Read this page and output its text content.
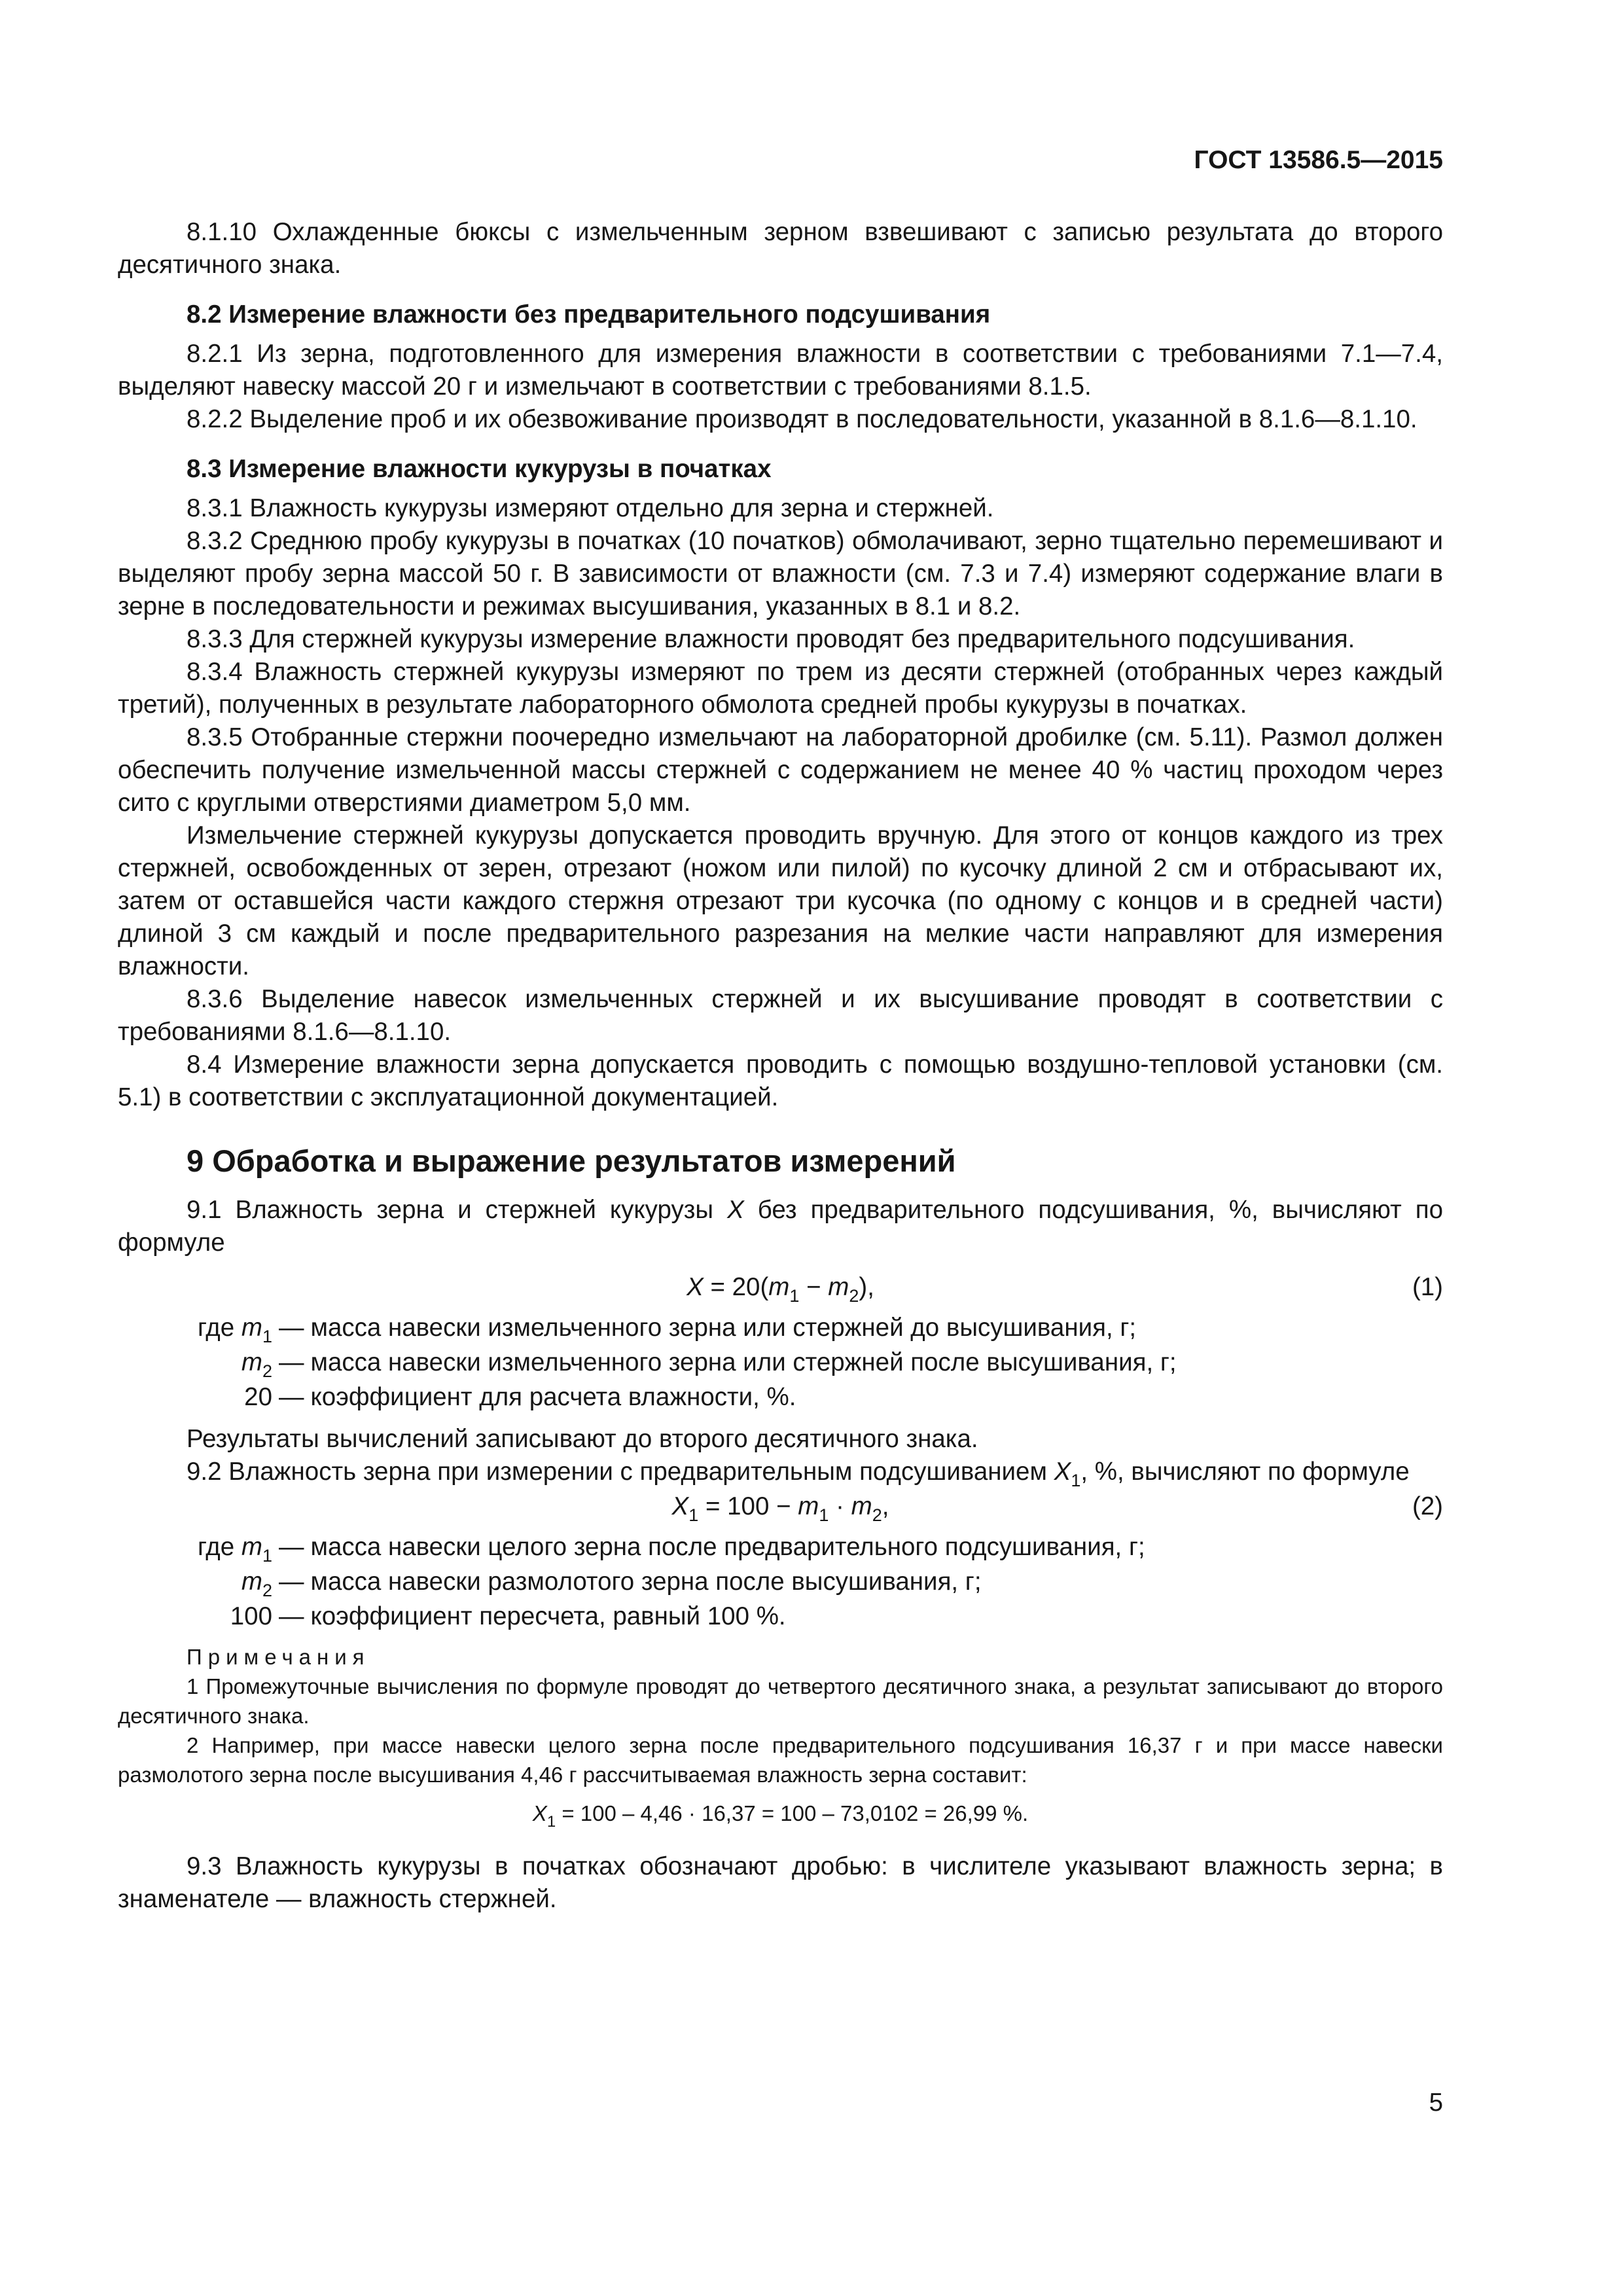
ГОСТ 13586.5—2015

8.1.10 Охлажденные бюксы с измельченным зерном взвешивают с записью результата до второго десятичного знака.

8.2 Измерение влажности без предварительного подсушивания

8.2.1 Из зерна, подготовленного для измерения влажности в соответствии с требованиями 7.1—7.4, выделяют навеску массой 20 г и измельчают в соответствии с требованиями 8.1.5.

8.2.2 Выделение проб и их обезвоживание производят в последовательности, указанной в 8.1.6—8.1.10.

8.3 Измерение влажности кукурузы в початках

8.3.1 Влажность кукурузы измеряют отдельно для зерна и стержней.

8.3.2 Среднюю пробу кукурузы в початках (10 початков) обмолачивают, зерно тщательно перемешивают и выделяют пробу зерна массой 50 г. В зависимости от влажности (см. 7.3 и 7.4) измеряют содержание влаги в зерне в последовательности и режимах высушивания, указанных в 8.1 и 8.2.

8.3.3 Для стержней кукурузы измерение влажности проводят без предварительного подсушивания.

8.3.4 Влажность стержней кукурузы измеряют по трем из десяти стержней (отобранных через каждый третий), полученных в результате лабораторного обмолота средней пробы кукурузы в початках.

8.3.5 Отобранные стержни поочередно измельчают на лабораторной дробилке (см. 5.11). Размол должен обеспечить получение измельченной массы стержней с содержанием не менее 40 % частиц проходом через сито с круглыми отверстиями диаметром 5,0 мм.

Измельчение стержней кукурузы допускается проводить вручную. Для этого от концов каждого из трех стержней, освобожденных от зерен, отрезают (ножом или пилой) по кусочку длиной 2 см и отбрасывают их, затем от оставшейся части каждого стержня отрезают три кусочка (по одному с концов и в средней части) длиной 3 см каждый и после предварительного разрезания на мелкие части направляют для измерения влажности.

8.3.6 Выделение навесок измельченных стержней и их высушивание проводят в соответствии с требованиями 8.1.6—8.1.10.

8.4 Измерение влажности зерна допускается проводить с помощью воздушно-тепловой установки (см. 5.1) в соответствии с эксплуатационной документацией.

9 Обработка и выражение результатов измерений

9.1 Влажность зерна и стержней кукурузы X без предварительного подсушивания, %, вычисляют по формуле

$X = 20(m_1 - m_2)$,	(1)
где $m_1$ — масса навески измельченного зерна или стержней до высушивания, г;
$m_2$ — масса навески измельченного зерна или стержней после высушивания, г;
20 — коэффициент для расчета влажности, %.

Результаты вычислений записывают до второго десятичного знака.

9.2 Влажность зерна при измерении с предварительным подсушиванием $X_1$, %, вычисляют по формуле

$X_1 = 100 - m_1 \cdot m_2$,	(2)
где $m_1$ — масса навески целого зерна после предварительного подсушивания, г;
$m_2$ — масса навески размолотого зерна после высушивания, г;
100 — коэффициент пересчета, равный 100 %.

Примечания

1 Промежуточные вычисления по формуле проводят до четвертого десятичного знака, а результат записывают до второго десятичного знака.

2 Например, при массе навески целого зерна после предварительного подсушивания 16,37 г и при массе навески размолотого зерна после высушивания 4,46 г рассчитываемая влажность зерна составит:

$X_1 = 100 - 4,46 \cdot 16,37 = 100 - 73,0102 = 26,99$ %.

9.3 Влажность кукурузы в початках обозначают дробью: в числителе указывают влажность зерна; в знаменателе — влажность стержней.

5
